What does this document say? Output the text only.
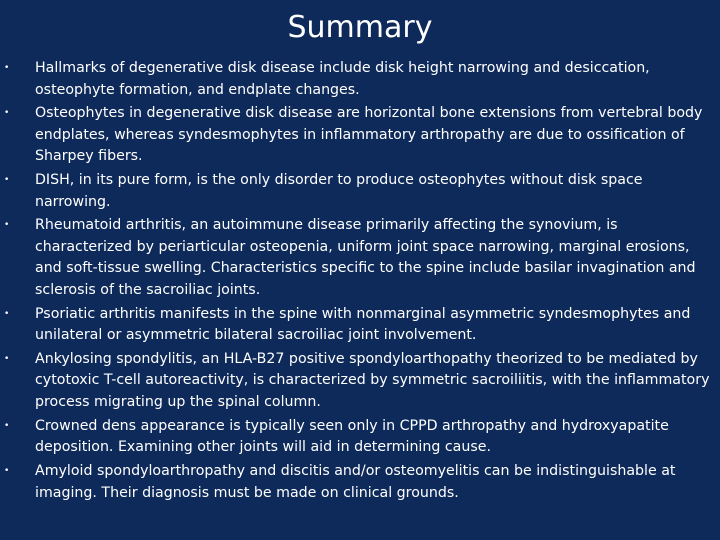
Summary
• Hallmarks of degenerative disk disease include disk height narrowing and desiccation, osteophyte formation, and endplate changes.
• Osteophytes in degenerative disk disease are horizontal bone extensions from vertebral body endplates, whereas syndesmophytes in inflammatory arthropathy are due to ossification of Sharpey fibers.
• DISH, in its pure form, is the only disorder to produce osteophytes without disk space narrowing.
• Rheumatoid arthritis, an autoimmune disease primarily affecting the synovium, is characterized by periarticular osteopenia, uniform joint space narrowing, marginal erosions, and soft-tissue swelling. Characteristics specific to the spine include basilar invagination and sclerosis of the sacroiliac joints.
• Psoriatic arthritis manifests in the spine with nonmarginal asymmetric syndesmophytes and unilateral or asymmetric bilateral sacroiliac joint involvement.
• Ankylosing spondylitis, an HLA-B27 positive spondyloarthopathy theorized to be mediated by cytotoxic T-cell autoreactivity, is characterized by symmetric sacroiliitis, with the inflammatory process migrating up the spinal column.
• Crowned dens appearance is typically seen only in CPPD arthropathy and hydroxyapatite deposition. Examining other joints will aid in determining cause.
• Amyloid spondyloarthropathy and discitis and/or osteomyelitis can be indistinguishable at imaging. Their diagnosis must be made on clinical grounds.
